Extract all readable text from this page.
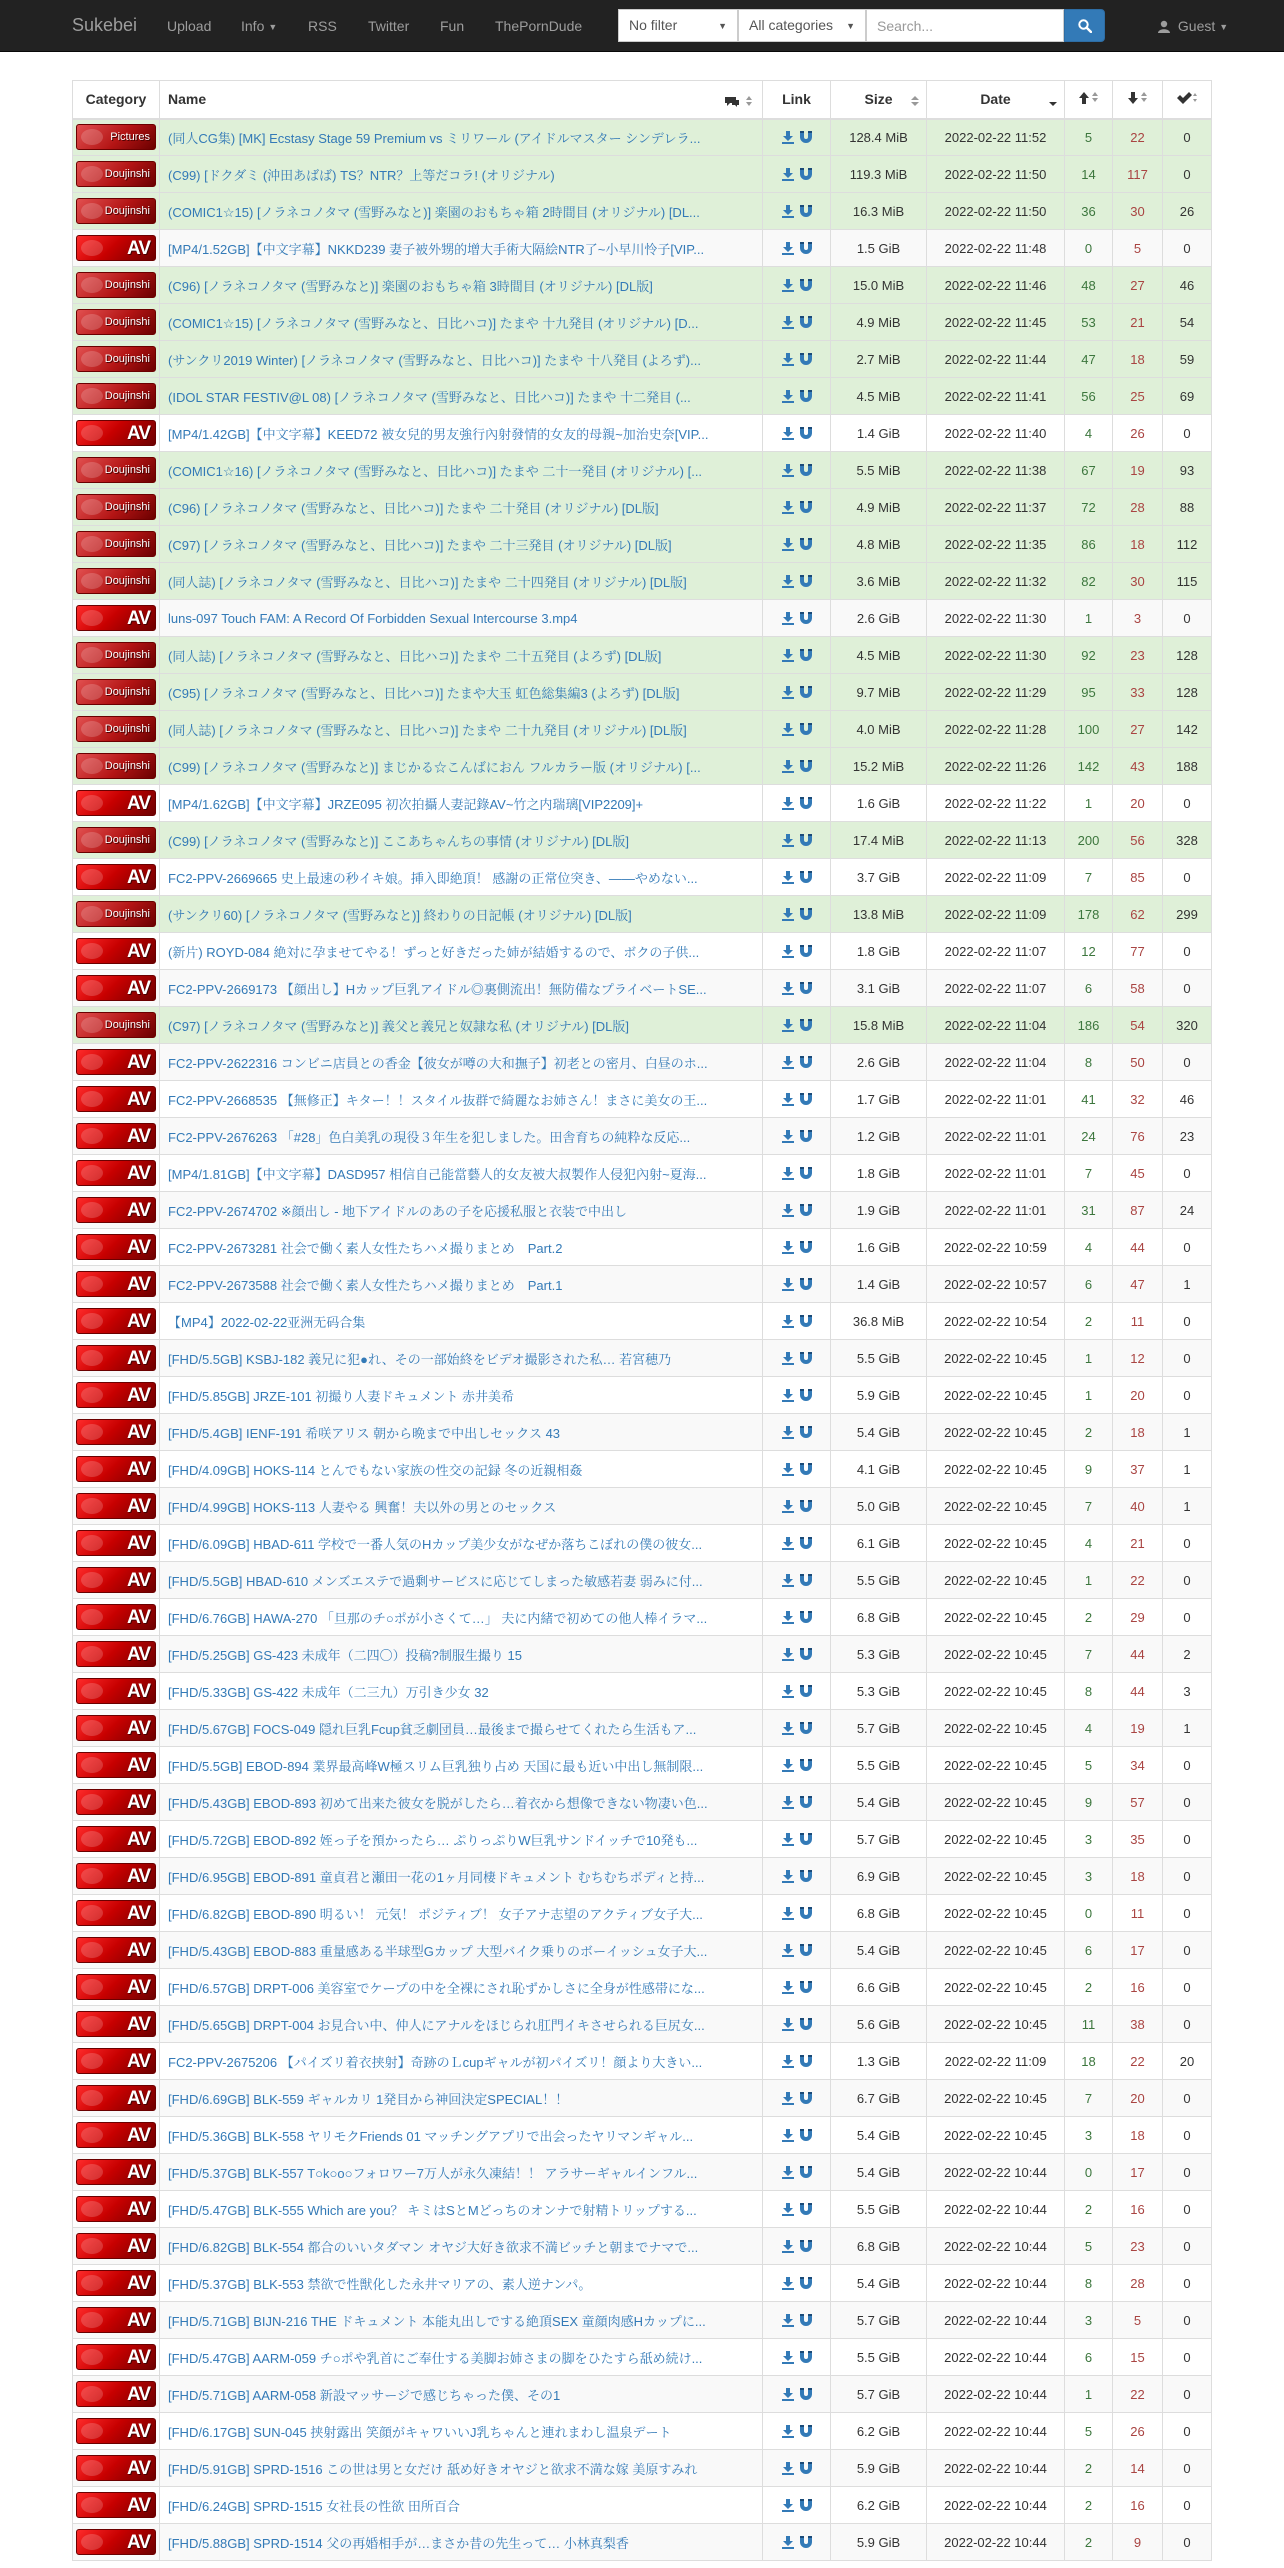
Sukebei Upload Info ▼ RSS Twitter Fun ThePornDude	No filter	▼	All categories ▼
Search...	Guest ▼
Category	Name	Link	Size	Date

Pictures	(同人CG集) [MK] Ecstasy Stage 59 Premium vs ミリワール (アイドルマスター シンデレラ...		128.4 MiB	2022-02-22 11:52	5	22	0

Doujinshi	(C99) [ドクダミ (沖田あばば) TS？NTR？上等だコラ! (オリジナル)		119.3 MiB	2022-02-22 11:50	14	117	0

Doujinshi	(COMIC1☆15) [ノラネコノタマ (雪野みなと)] 楽園のおもちゃ箱 2時間目 (オリジナル) [DL...		16.3 MiB	2022-02-22 11:50	36	30	26

AV	[MP4/1.52GB]【中文字幕】NKKD239 妻子被外甥的增大手術大隔絵NTR了~小早川怜子[VIP...		1.5 GiB	2022-02-22 11:48	0	5	0

Doujinshi	(C96) [ノラネコノタマ (雪野みなと)] 楽園のおもちゃ箱 3時間目 (オリジナル) [DL版]		15.0 MiB	2022-02-22 11:46	48	27	46

Doujinshi	(COMIC1☆15) [ノラネコノタマ (雪野みなと、日比ハコ)] たまや 十九発目 (オリジナル) [D...		4.9 MiB	2022-02-22 11:45	53	21	54

Doujinshi	(サンクリ2019 Winter) [ノラネコノタマ (雪野みなと、日比ハコ)] たまや 十八発目 (よろず)...		2.7 MiB	2022-02-22 11:44	47	18	59

Doujinshi	(IDOL STAR FESTIV@L 08) [ノラネコノタマ (雪野みなと、日比ハコ)] たまや 十二発目 (...		4.5 MiB	2022-02-22 11:41	56	25	69

AV	[MP4/1.42GB]【中文字幕】KEED72 被女兒的男友強行內射發情的女友的母親~加治史奈[VIP...		1.4 GiB	2022-02-22 11:40	4	26	0

Doujinshi	(COMIC1☆16) [ノラネコノタマ (雪野みなと、日比ハコ)] たまや 二十一発目 (オリジナル) [...		5.5 MiB	2022-02-22 11:38	67	19	93

Doujinshi	(C96) [ノラネコノタマ (雪野みなと、日比ハコ)] たまや 二十発目 (オリジナル) [DL版]		4.9 MiB	2022-02-22 11:37	72	28	88

Doujinshi	(C97) [ノラネコノタマ (雪野みなと、日比ハコ)] たまや 二十三発目 (オリジナル) [DL版]		4.8 MiB	2022-02-22 11:35	86	18	112

Doujinshi	(同人誌) [ノラネコノタマ (雪野みなと、日比ハコ)] たまや 二十四発目 (オリジナル) [DL版]		3.6 MiB	2022-02-22 11:32	82	30	115

AV	luns-097 Touch FAM: A Record Of Forbidden Sexual Intercourse 3.mp4		2.6 GiB	2022-02-22 11:30	1	3	0

Doujinshi	(同人誌) [ノラネコノタマ (雪野みなと、日比ハコ)] たまや 二十五発目 (よろず) [DL版]		4.5 MiB	2022-02-22 11:30	92	23	128

Doujinshi	(C95) [ノラネコノタマ (雪野みなと、日比ハコ)] たまや大玉 虹色総集編3 (よろず) [DL版]		9.7 MiB	2022-02-22 11:29	95	33	128

Doujinshi	(同人誌) [ノラネコノタマ (雪野みなと、日比ハコ)] たまや 二十九発目 (オリジナル) [DL版]		4.0 MiB	2022-02-22 11:28	100	27	142

Doujinshi	(C99) [ノラネコノタマ (雪野みなと)] まじかる☆こんばにおん フルカラー版 (オリジナル) [...		15.2 MiB	2022-02-22 11:26	142	43	188

AV	[MP4/1.62GB]【中文字幕】JRZE095 初次拍攝人妻記錄AV~竹之内瑞璃[VIP2209]+		1.6 GiB	2022-02-22 11:22	1	20	0

Doujinshi	(C99) [ノラネコノタマ (雪野みなと)] ここあちゃんちの事情 (オリジナル) [DL版]		17.4 MiB	2022-02-22 11:13	200	56	328

AV	FC2-PPV-2669665 史上最速の秒イキ娘。挿入即絶頂！ 感謝の正常位突き、——やめない...		3.7 GiB	2022-02-22 11:09	7	85	0

Doujinshi	(サンクリ60) [ノラネコノタマ (雪野みなと)] 終わりの日記帳 (オリジナル) [DL版]		13.8 MiB	2022-02-22 11:09	178	62	299

AV	(新片) ROYD-084 絶対に孕ませてやる！ずっと好きだった姉が結婚するので、ボクの子供...		1.8 GiB	2022-02-22 11:07	12	77	0

AV	FC2-PPV-2669173 【顔出し】Hカップ巨乳アイドル◎裏側流出！無防備なプライベートSE...		3.1 GiB	2022-02-22 11:07	6	58	0

Doujinshi	(C97) [ノラネコノタマ (雪野みなと)] 義父と義兄と奴隷な私 (オリジナル) [DL版]		15.8 MiB	2022-02-22 11:04	186	54	320

AV	FC2-PPV-2622316 コンビニ店員との香金【彼女が噂の大和撫子】初老との密月、白昼のホ...		2.6 GiB	2022-02-22 11:04	8	50	0

AV	FC2-PPV-2668535 【無修正】キター！！スタイル抜群で綺麗なお姉さん！まさに美女の王...		1.7 GiB	2022-02-22 11:01	41	32	46

AV	FC2-PPV-2676263 「#28」色白美乳の現役３年生を犯しました。田舎育ちの純粋な反応...		1.2 GiB	2022-02-22 11:01	24	76	23

AV	[MP4/1.81GB]【中文字幕】DASD957 相信自己能當藝人的女友被大叔製作人侵犯內射~夏海...		1.8 GiB	2022-02-22 11:01	7	45	0

AV	FC2-PPV-2674702 ※顔出し - 地下アイドルのあの子を応援私服と衣装で中出し		1.9 GiB	2022-02-22 11:01	31	87	24

AV	FC2-PPV-2673281 社会で働く素人女性たちハメ撮りまとめ　Part.2		1.6 GiB	2022-02-22 10:59	4	44	0

AV	FC2-PPV-2673588 社会で働く素人女性たちハメ撮りまとめ　Part.1		1.4 GiB	2022-02-22 10:57	6	47	1

AV	【MP4】2022-02-22亚洲无码合集		36.8 MiB	2022-02-22 10:54	2	11	0

AV	[FHD/5.5GB] KSBJ-182 義兄に犯●れ、その一部始終をビデオ撮影された私… 若宮穂乃		5.5 GiB	2022-02-22 10:45	1	12	0

AV	[FHD/5.85GB] JRZE-101 初撮り人妻ドキュメント 赤井美希		5.9 GiB	2022-02-22 10:45	1	20	0

AV	[FHD/5.4GB] IENF-191 希咲アリス 朝から晩まで中出しセックス 43		5.4 GiB	2022-02-22 10:45	2	18	1

AV	[FHD/4.09GB] HOKS-114 とんでもない家族の性交の記録 冬の近親相姦		4.1 GiB	2022-02-22 10:45	9	37	1

AV	[FHD/4.99GB] HOKS-113 人妻やる 興奮！夫以外の男とのセックス		5.0 GiB	2022-02-22 10:45	7	40	1

AV	[FHD/6.09GB] HBAD-611 学校で一番人気のHカップ美少女がなぜか落ちこぼれの僕の彼女...		6.1 GiB	2022-02-22 10:45	4	21	0

AV	[FHD/5.5GB] HBAD-610 メンズエステで過剰サービスに応じてしまった敏感若妻 弱みに付...		5.5 GiB	2022-02-22 10:45	1	22	0

AV	[FHD/6.76GB] HAWA-270 「旦那のチ○ポが小さくて…」 夫に内緒で初めての他人棒イラマ...		6.8 GiB	2022-02-22 10:45	2	29	0

AV	[FHD/5.25GB] GS-423 未成年（二四〇）投稿?制服生撮り 15		5.3 GiB	2022-02-22 10:45	7	44	2

AV	[FHD/5.33GB] GS-422 未成年（二三九）万引き少女 32		5.3 GiB	2022-02-22 10:45	8	44	3

AV	[FHD/5.67GB] FOCS-049 隠れ巨乳Fcup貧乏劇団員…最後まで撮らせてくれたら生活もア...		5.7 GiB	2022-02-22 10:45	4	19	1

AV	[FHD/5.5GB] EBOD-894 業界最高峰W極スリム巨乳独り占め 天国に最も近い中出し無制限...		5.5 GiB	2022-02-22 10:45	5	34	0

AV	[FHD/5.43GB] EBOD-893 初めて出来た彼女を脱がしたら…着衣から想像できない物凄い色...		5.4 GiB	2022-02-22 10:45	9	57	0

AV	[FHD/5.72GB] EBOD-892 姪っ子を預かったら… ぷりっぷりW巨乳サンドイッチで10発も...		5.7 GiB	2022-02-22 10:45	3	35	0

AV	[FHD/6.95GB] EBOD-891 童貞君と瀬田一花の1ヶ月同棲ドキュメント むちむちボディと持...		6.9 GiB	2022-02-22 10:45	3	18	0

AV	[FHD/6.82GB] EBOD-890 明るい！ 元気！ ポジティブ！ 女子アナ志望のアクティブ女子大...		6.8 GiB	2022-02-22 10:45	0	11	0

AV	[FHD/5.43GB] EBOD-883 重量感ある半球型Gカップ 大型バイク乗りのボーイッシュ女子大...		5.4 GiB	2022-02-22 10:45	6	17	0

AV	[FHD/6.57GB] DRPT-006 美容室でケープの中を全裸にされ恥ずかしさに全身が性感帯にな...		6.6 GiB	2022-02-22 10:45	2	16	0

AV	[FHD/5.65GB] DRPT-004 お見合い中、仲人にアナルをほじられ肛門イキさせられる巨尻女...		5.6 GiB	2022-02-22 10:45	11	38	0

AV	FC2-PPV-2675206 【パイズリ着衣挟射】奇跡のＬcupギャルが初パイズリ！顔より大きい...		1.3 GiB	2022-02-22 11:09	18	22	20

AV	[FHD/6.69GB] BLK-559 ギャルカリ 1発目から神回決定SPECIAL！！		6.7 GiB	2022-02-22 10:45	7	20	0

AV	[FHD/5.36GB] BLK-558 ヤリモクFriends 01 マッチングアプリで出会ったヤリマンギャル...		5.4 GiB	2022-02-22 10:45	3	18	0

AV	[FHD/5.37GB] BLK-557 T○k○o○フォロワー7万人が永久凍結！！ アラサーギャルインフル...		5.4 GiB	2022-02-22 10:44	0	17	0

AV	[FHD/5.47GB] BLK-555 Which are you？ キミはSとMどっちのオンナで射精トリップする...		5.5 GiB	2022-02-22 10:44	2	16	0

AV	[FHD/6.82GB] BLK-554 都合のいいタダマン オヤジ大好き欲求不満ビッチと朝までナマで...		6.8 GiB	2022-02-22 10:44	5	23	0

AV	[FHD/5.37GB] BLK-553 禁欲で性獣化した永井マリアの、素人逆ナンパ。		5.4 GiB	2022-02-22 10:44	8	28	0

AV	[FHD/5.71GB] BIJN-216 THE ドキュメント 本能丸出しでする絶頂SEX 童顔肉感Hカップに...		5.7 GiB	2022-02-22 10:44	3	5	0

AV	[FHD/5.47GB] AARM-059 チ○ポや乳首にご奉仕する美脚お姉さまの脚をひたすら舐め続け...		5.5 GiB	2022-02-22 10:44	6	15	0

AV	[FHD/5.71GB] AARM-058 新設マッサージで感じちゃった僕、その1		5.7 GiB	2022-02-22 10:44	1	22	0

AV	[FHD/6.17GB] SUN-045 挟射露出 笑顔がキャワいいJ乳ちゃんと連れまわし温泉デート		6.2 GiB	2022-02-22 10:44	5	26	0

AV	[FHD/5.91GB] SPRD-1516 この世は男と女だけ 舐め好きオヤジと欲求不満な嫁 美原すみれ		5.9 GiB	2022-02-22 10:44	2	14	0

AV	[FHD/6.24GB] SPRD-1515 女社長の性欲 田所百合		6.2 GiB	2022-02-22 10:44	2	16	0

AV	[FHD/5.88GB] SPRD-1514 父の再婚相手が…まさか昔の先生って… 小林真梨香		5.9 GiB	2022-02-22 10:44	2	9	0
